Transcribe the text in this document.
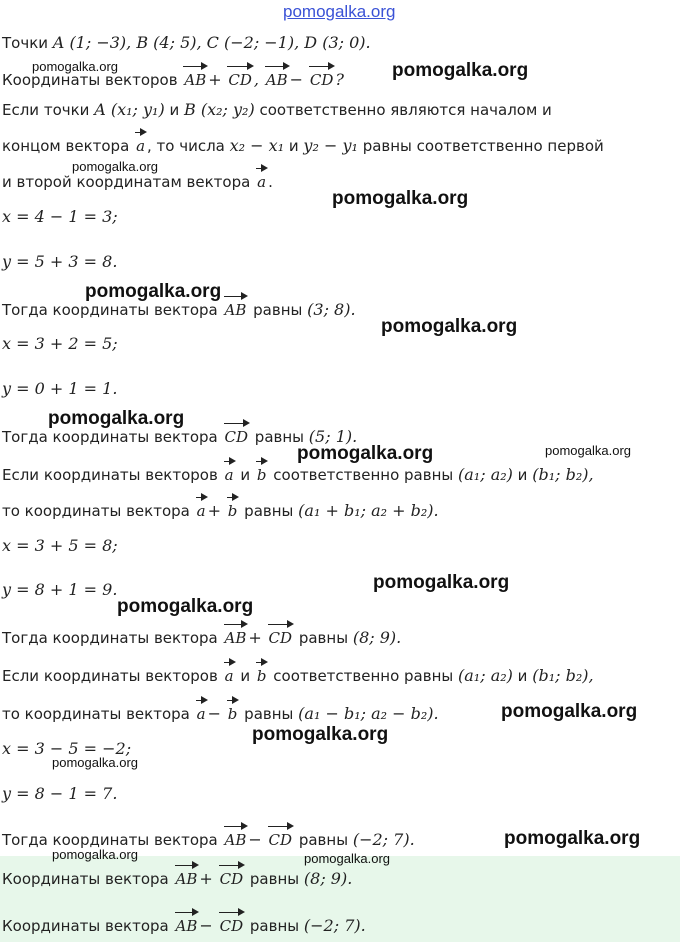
pomogalka.org
Точки A (1; −3), B (4; 5), C (−2; −1), D (3; 0).
Координаты векторов AB + CD , AB − CD ?
Если точки A (x₁; y₁) и B (x₂; y₂) соответственно являются началом и
концом вектора a , то числа x₂ − x₁ и y₂ − y₁ равны соответственно первой
и второй координатам вектора a .
x = 4 − 1 = 3;
y = 5 + 3 = 8.
Тогда координаты вектора AB равны (3; 8).
x = 3 + 2 = 5;
y = 0 + 1 = 1.
Тогда координаты вектора CD равны (5; 1).
Если координаты векторов a и b соответственно равны (a₁; a₂) и (b₁; b₂),
то координаты вектора a + b равны (a₁ + b₁; a₂ + b₂).
x = 3 + 5 = 8;
y = 8 + 1 = 9.
Тогда координаты вектора AB + CD равны (8; 9).
Если координаты векторов a и b соответственно равны (a₁; a₂) и (b₁; b₂),
то координаты вектора a − b равны (a₁ − b₁; a₂ − b₂).
x = 3 − 5 = −2;
y = 8 − 1 = 7.
Тогда координаты вектора AB − CD равны (−2; 7).
Координаты вектора AB + CD равны (8; 9).
Координаты вектора AB − CD равны (−2; 7).
pomogalka.org	pomogalka.org
pomogalka.org
pomogalka.org
pomogalka.org
pomogalka.org
pomogalka.org
pomogalka.org	pomogalka.org
pomogalka.org
pomogalka.org
pomogalka.org
pomogalka.org
pomogalka.org
pomogalka.org
pomogalka.org	pomogalka.org
